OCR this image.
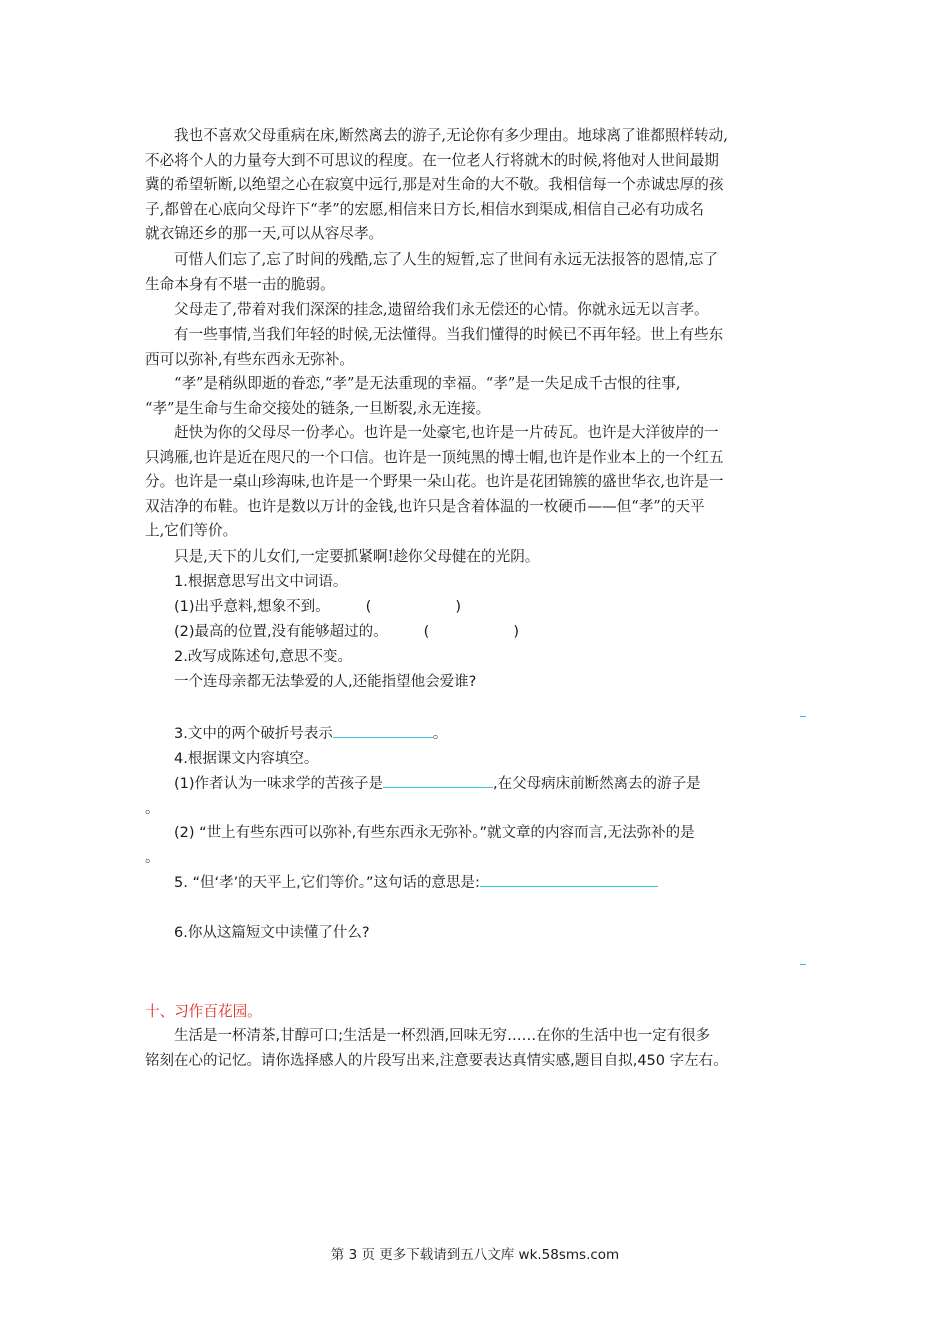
我也不喜欢父母重病在床,断然离去的游子,无论你有多少理由。地球离了谁都照样转动,
不必将个人的力量夸大到不可思议的程度。在一位老人行将就木的时候,将他对人世间最期
冀的希望斩断,以绝望之心在寂寞中远行,那是对生命的大不敬。我相信每一个赤诚忠厚的孩
子,都曾在心底向父母许下“孝”的宏愿,相信来日方长,相信水到渠成,相信自己必有功成名
就衣锦还乡的那一天,可以从容尽孝。
可惜人们忘了,忘了时间的残酷,忘了人生的短暂,忘了世间有永远无法报答的恩情,忘了
生命本身有不堪一击的脆弱。
父母走了,带着对我们深深的挂念,遗留给我们永无偿还的心情。你就永远无以言孝。
有一些事情,当我们年轻的时候,无法懂得。当我们懂得的时候已不再年轻。世上有些东
西可以弥补,有些东西永无弥补。
“孝”是稍纵即逝的眷恋,“孝”是无法重现的幸福。“孝”是一失足成千古恨的往事,
“孝”是生命与生命交接处的链条,一旦断裂,永无连接。
赶快为你的父母尽一份孝心。也许是一处豪宅,也许是一片砖瓦。也许是大洋彼岸的一
只鸿雁,也许是近在咫尺的一个口信。也许是一顶纯黑的博士帽,也许是作业本上的一个红五
分。也许是一桌山珍海味,也许是一个野果一朵山花。也许是花团锦簇的盛世华衣,也许是一
双洁净的布鞋。也许是数以万计的金钱,也许只是含着体温的一枚硬币——但“孝”的天平
上,它们等价。
只是,天下的儿女们,一定要抓紧啊!趁你父母健在的光阴。
1.根据意思写出文中词语。
(1)出乎意料,想象不到。 (	)
(2)最高的位置,没有能够超过的。 (	)
2.改写成陈述句,意思不变。
一个连母亲都无法挚爱的人,还能指望他会爱谁?
3.文中的两个破折号表示	。
4.根据课文内容填空。
(1)作者认为一味求学的苦孩子是	,在父母病床前断然离去的游子是
。
(2) “世上有些东西可以弥补,有些东西永无弥补。”就文章的内容而言,无法弥补的是
。
5. “但‘孝’的天平上,它们等价。”这句话的意思是:
6.你从这篇短文中读懂了什么?
十、习作百花园。
生活是一杯清茶,甘醇可口;生活是一杯烈酒,回味无穷……在你的生活中也一定有很多
铭刻在心的记忆。请你选择感人的片段写出来,注意要表达真情实感,题目自拟,450 字左右。
第 3 页 更多下载请到五八文库 wk.58sms.com
